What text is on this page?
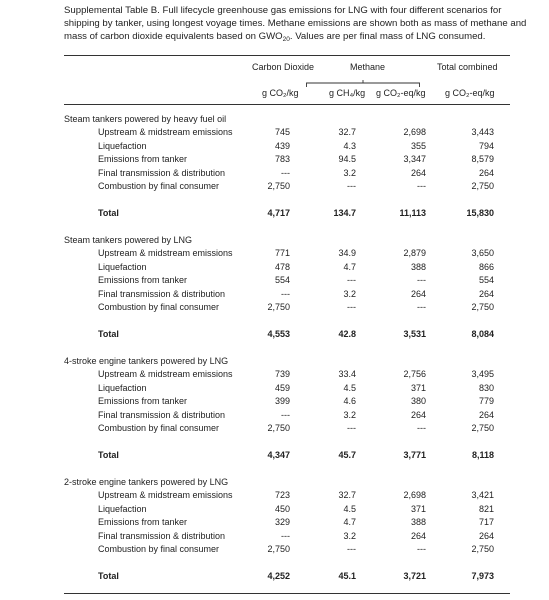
Supplemental Table B. Full lifecycle greenhouse gas emissions for LNG with four different scenarios for shipping by tanker, using longest voyage times. Methane emissions are shown both as mass of methane and mass of carbon dioxide equivalents based on $GWO_{20}$. Values are per final mass of LNG consumed.
Carbon Dioxide	Methane	Total combined
g CO₂/kg	g CH₄/kg g CO₂-eq/kg g CO₂-eq/kg
Steam tankers powered by heavy fuel oil
Upstream & midstream emissions	745	32.7	2,698	3,443
Liquefaction	439	4.3	355	794
Emissions from tanker	783	94.5	3,347	8,579
Final transmission & distribution	---	3.2	264	264
Combustion by final consumer	2,750	---	---	2,750
Total	4,717	134.7	11,113	15,830
Steam tankers powered by LNG
Upstream & midstream emissions	771	34.9	2,879	3,650
Liquefaction	478	4.7	388	866
Emissions from tanker	554	---	---	554
Final transmission & distribution	---	3.2	264	264
Combustion by final consumer	2,750	---	---	2,750
Total	4,553	42.8	3,531	8,084
4-stroke engine tankers powered by LNG
Upstream & midstream emissions	739	33.4	2,756	3,495
Liquefaction	459	4.5	371	830
Emissions from tanker	399	4.6	380	779
Final transmission & distribution	---	3.2	264	264
Combustion by final consumer	2,750	---	---	2,750
Total	4,347	45.7	3,771	8,118
2-stroke engine tankers powered by LNG
Upstream & midstream emissions	723	32.7	2,698	3,421
Liquefaction	450	4.5	371	821
Emissions from tanker	329	4.7	388	717
Final transmission & distribution	---	3.2	264	264
Combustion by final consumer	2,750	---	---	2,750
Total	4,252	45.1	3,721	7,973
